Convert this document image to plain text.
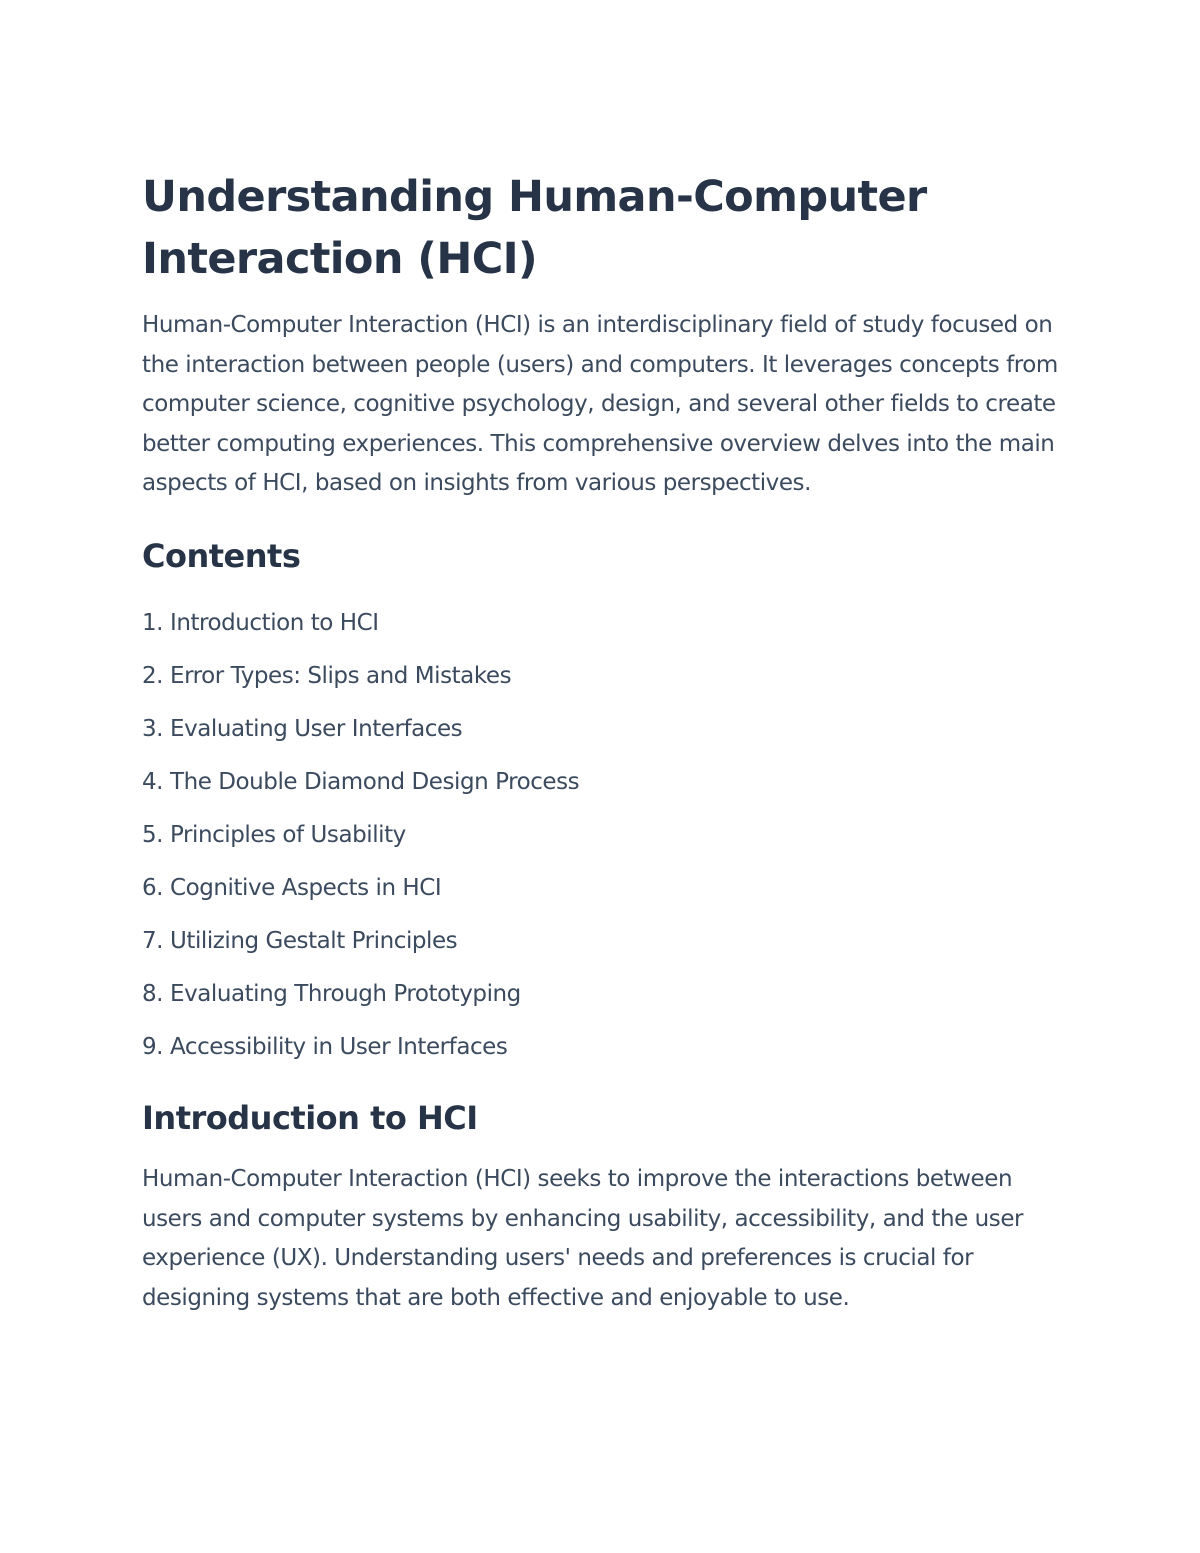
Understanding Human-Computer Interaction (HCI)

Human-Computer Interaction (HCI) is an interdisciplinary field of study focused on the interaction between people (users) and computers. It leverages concepts from computer science, cognitive psychology, design, and several other fields to create better computing experiences. This comprehensive overview delves into the main aspects of HCI, based on insights from various perspectives.

Contents
1. Introduction to HCI
2. Error Types: Slips and Mistakes
3. Evaluating User Interfaces
4. The Double Diamond Design Process
5. Principles of Usability
6. Cognitive Aspects in HCI
7. Utilizing Gestalt Principles
8. Evaluating Through Prototyping
9. Accessibility in User Interfaces
Introduction to HCI

Human-Computer Interaction (HCI) seeks to improve the interactions between users and computer systems by enhancing usability, accessibility, and the user experience (UX). Understanding users' needs and preferences is crucial for designing systems that are both effective and enjoyable to use.
